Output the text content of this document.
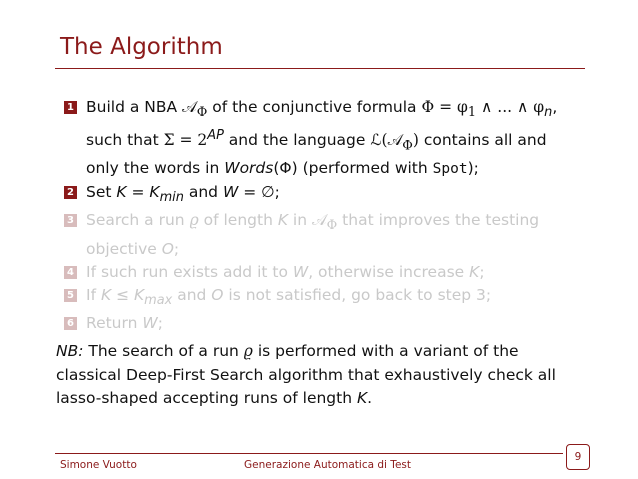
The Algorithm
1 Build a NBA 𝒜$_\Phi$ of the conjunctive formula $\Phi = \varphi_1$ ∧ ... ∧ $\varphi_n$,
such that $\Sigma = 2^{AP}$ and the language ℒ(𝒜$_\Phi$) contains all and
only the words in Words(Φ) (performed with Spot);
2 Set $K = K_{min}$ and W = ∅;
3 Search a run ϱ of length K in 𝒜$_\Phi$ that improves the testing
objective O;
4 If such run exists add it to W, otherwise increase K;
5 If $K \le K_{max}$ and O is not satisfied, go back to step 3;
6 Return W;
NB: The search of a run ϱ is performed with a variant of the classical Deep-First Search algorithm that exhaustively check all lasso-shaped accepting runs of length K.
9
Simone Vuotto	Generazione Automatica di Test
